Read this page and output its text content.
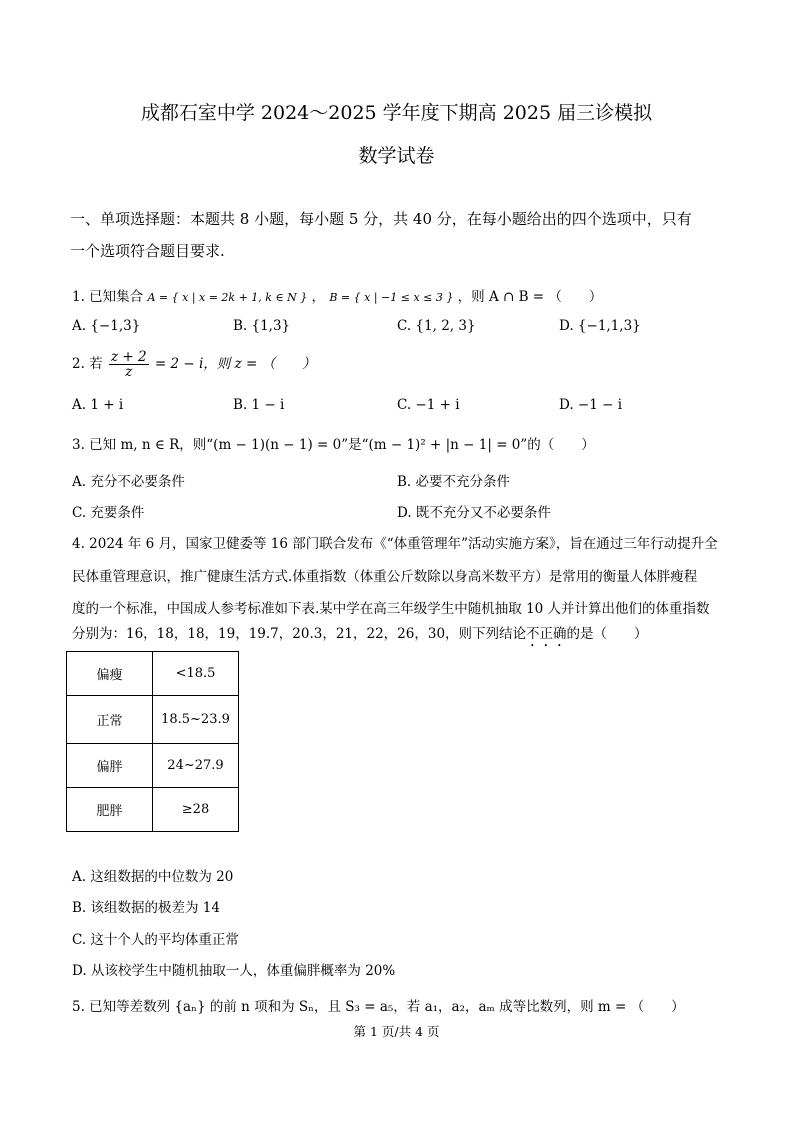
成都石室中学 2024～2025 学年度下期高 2025 届三诊模拟
数学试卷
一、单项选择题：本题共 8 小题，每小题 5 分，共 40 分，在每小题给出的四个选项中，只有
一个选项符合题目要求.
1. 已知集合 A = { x | x = 2k + 1, k ∈ N } ， B = { x | −1 ≤ x ≤ 3 } ，则 A ∩ B = （　　）
A. {−1,3}	B. {1,3}	C. {1, 2, 3}	D. {−1,1,3}
2. 若 $\frac{z + 2}{z} = 2 - i$，则 z = （　　）
A. 1 + i	B. 1 − i	C. −1 + i	D. −1 − i
3. 已知 m, n ∈ R，则“(m − 1)(n − 1) = 0”是“(m − 1)² + |n − 1| = 0”的（　　）
A. 充分不必要条件	B. 必要不充分条件
C. 充要条件	D. 既不充分又不必要条件
4. 2024 年 6 月，国家卫健委等 16 部门联合发布《“体重管理年”活动实施方案》，旨在通过三年行动提升全
民体重管理意识，推广健康生活方式.体重指数（体重公斤数除以身高米数平方）是常用的衡量人体胖瘦程
度的一个标准，中国成人参考标准如下表.某中学在高三年级学生中随机抽取 10 人并计算出他们的体重指数
分别为：16，18，18，19，19.7，20.3，21，22，26，30，则下列结论不正确的是（　　）
偏瘦	<18.5
正常	18.5~23.9
偏胖	24~27.9
肥胖	≥28
A. 这组数据的中位数为 20
B. 该组数据的极差为 14
C. 这十个人的平均体重正常
D. 从该校学生中随机抽取一人，体重偏胖概率为 20%
5. 已知等差数列 {aₙ} 的前 n 项和为 Sₙ，且 S₃ = a₅，若 a₁，a₂，aₘ 成等比数列，则 m = （　　）
第 1 页/共 4 页
